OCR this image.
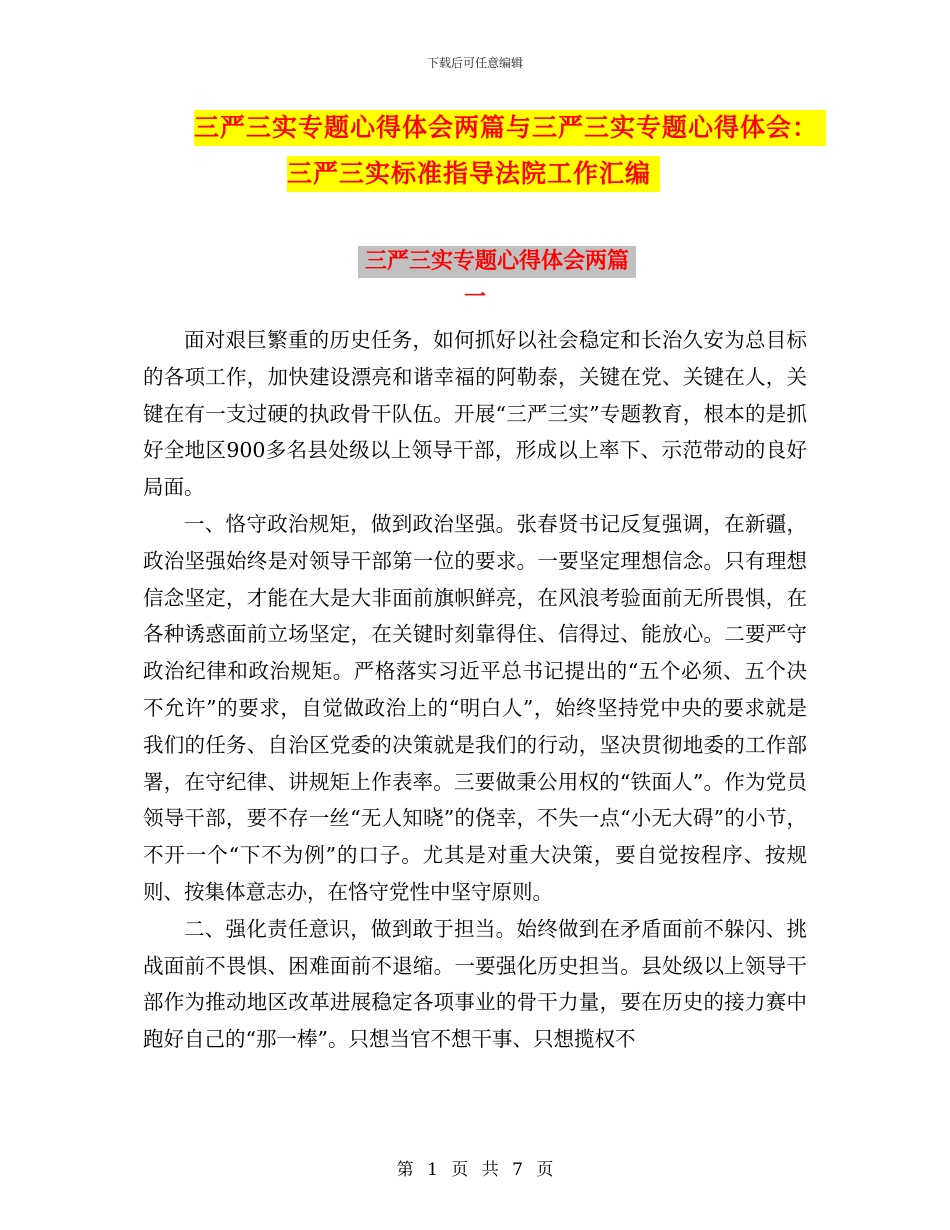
下载后可任意编辑
三严三实专题心得体会两篇与三严三实专题心得体会：
三严三实标准指导法院工作汇编
三严三实专题心得体会两篇
一

面对艰巨繁重的历史任务，如何抓好以社会稳定和长治久安为总目标的各项工作，加快建设漂亮和谐幸福的阿勒泰，关键在党、关键在人，关键在有一支过硬的执政骨干队伍。开展“三严三实”专题教育，根本的是抓好全地区900多名县处级以上领导干部，形成以上率下、示范带动的良好局面。

一、恪守政治规矩，做到政治坚强。张春贤书记反复强调，在新疆，政治坚强始终是对领导干部第一位的要求。一要坚定理想信念。只有理想信念坚定，才能在大是大非面前旗帜鲜亮，在风浪考验面前无所畏惧，在各种诱惑面前立场坚定，在关键时刻靠得住、信得过、能放心。二要严守政治纪律和政治规矩。严格落实习近平总书记提出的“五个必须、五个决不允许”的要求，自觉做政治上的“明白人”，始终坚持党中央的要求就是我们的任务、自治区党委的决策就是我们的行动，坚决贯彻地委的工作部署，在守纪律、讲规矩上作表率。三要做秉公用权的“铁面人”。作为党员领导干部，要不存一丝“无人知晓”的侥幸，不失一点“小无大碍”的小节，不开一个“下不为例”的口子。尤其是对重大决策，要自觉按程序、按规则、按集体意志办，在恪守党性中坚守原则。

二、强化责任意识，做到敢于担当。始终做到在矛盾面前不躲闪、挑战面前不畏惧、困难面前不退缩。一要强化历史担当。县处级以上领导干部作为推动地区改革进展稳定各项事业的骨干力量，要在历史的接力赛中跑好自己的“那一棒”。只想当官不想干事、只想揽权不

第 1 页 共 7 页
